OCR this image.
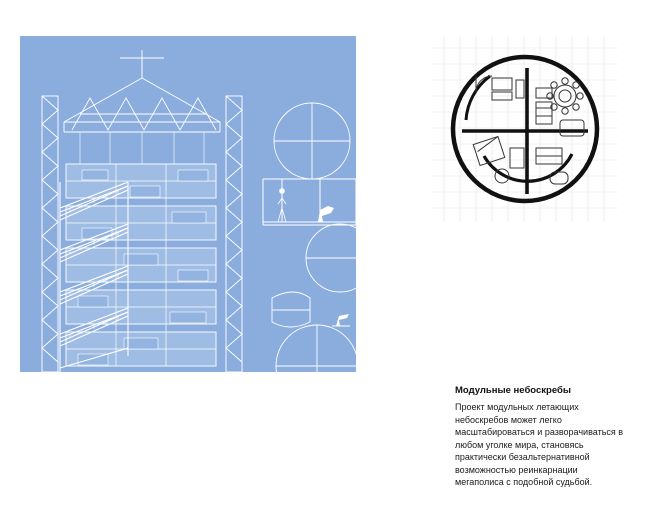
Модульные небоскребы

Проект модульных летающих небоскребов может легко масштабироваться и разворачиваться в любом уголке мира, становясь практически безальтернативной возможностью реинкарнации мегаполиса с подобной судьбой.
